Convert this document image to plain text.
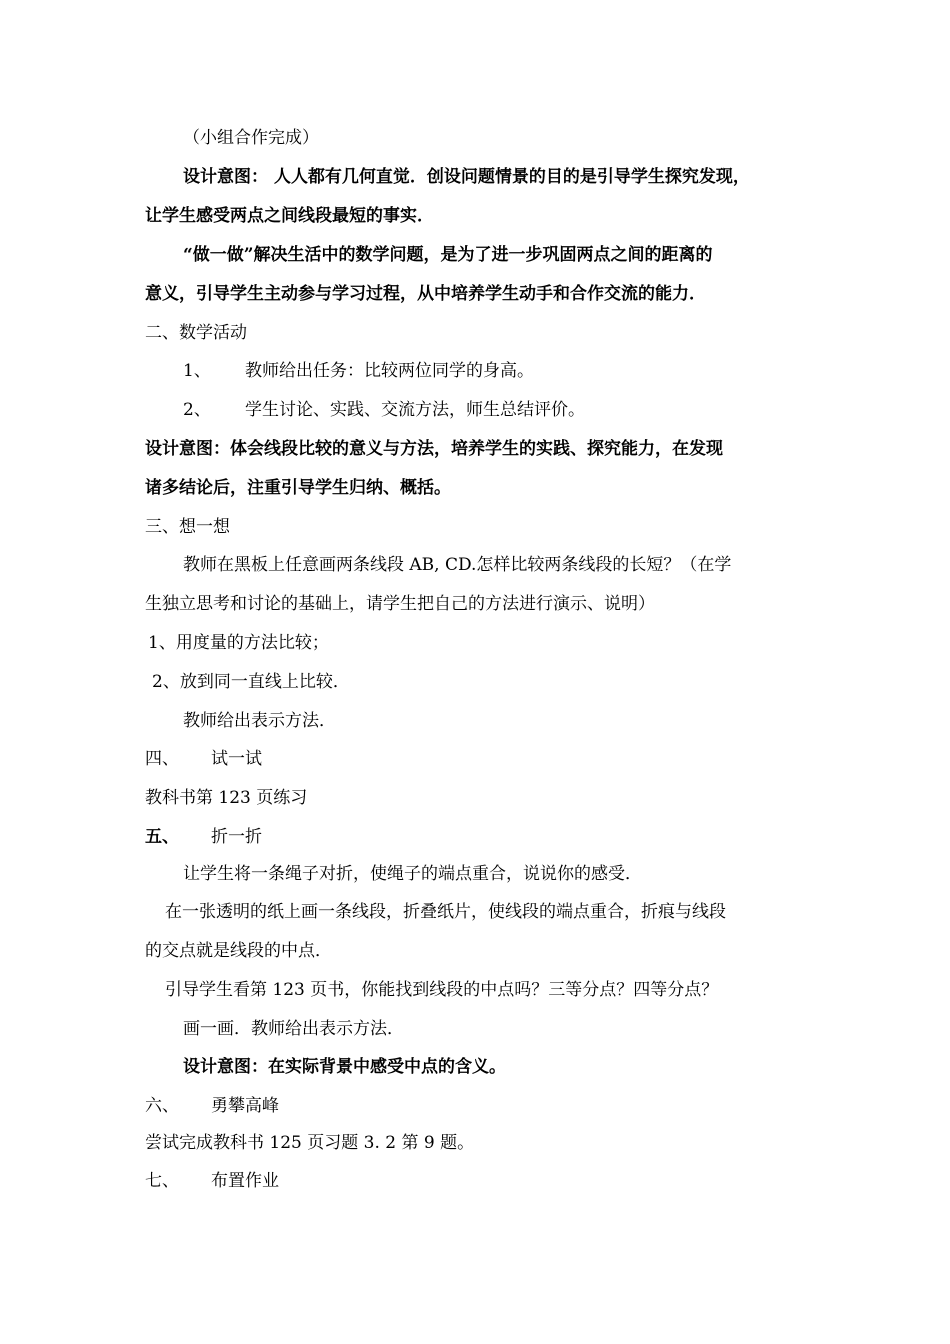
（小组合作完成）
设计意图： 人人都有几何直觉．创设问题情景的目的是引导学生探究发现，
让学生感受两点之间线段最短的事实．
“做一做”解决生活中的数学问题，是为了进一步巩固两点之间的距离的
意义，引导学生主动参与学习过程，从中培养学生动手和合作交流的能力．
二、数学活动
1、 教师给出任务：比较两位同学的身高。
2、 学生讨论、实践、交流方法，师生总结评价。
设计意图：体会线段比较的意义与方法，培养学生的实践、探究能力，在发现
诸多结论后，注重引导学生归纳、概括。
三、想一想
教师在黑板上任意画两条线段 AB, CD.怎样比较两条线段的长短？（在学
生独立思考和讨论的基础上，请学生把自己的方法进行演示、说明）
1、用度量的方法比较；
2、放到同一直线上比较．
教师给出表示方法．
四、 试一试
教科书第 123 页练习
五、 折一折
让学生将一条绳子对折，使绳子的端点重合，说说你的感受．
在一张透明的纸上画一条线段，折叠纸片，使线段的端点重合，折痕与线段
的交点就是线段的中点．
引导学生看第 123 页书，你能找到线段的中点吗？三等分点？四等分点？
画一画．教师给出表示方法．
设计意图：在实际背景中感受中点的含义。
六、 勇攀高峰
尝试完成教科书 125 页习题 3. 2 第 9 题。
七、 布置作业
